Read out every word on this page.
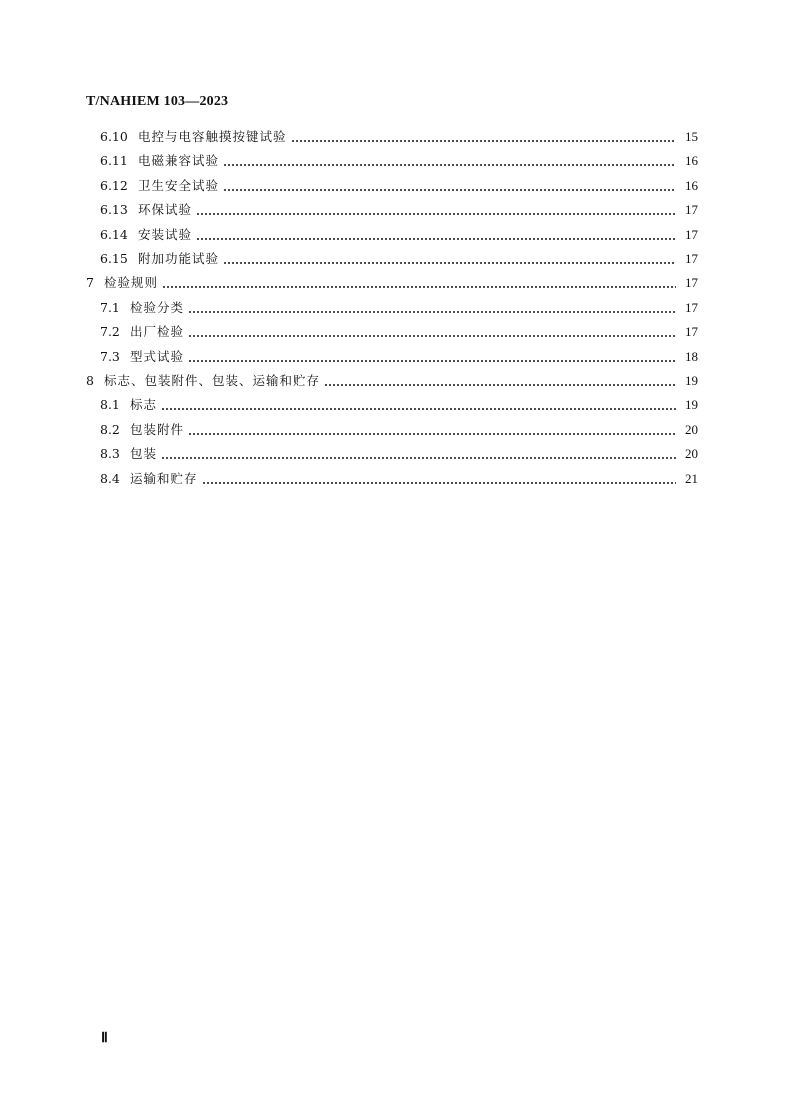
T/NAHIEM 103—2023
6.10 电控与电容触摸按键试验	15
6.11 电磁兼容试验	16
6.12 卫生安全试验	16
6.13 环保试验	17
6.14 安装试验	17
6.15 附加功能试验	17
7 检验规则	17
7.1 检验分类	17
7.2 出厂检验	17
7.3 型式试验	18
8 标志、包装附件、包装、运输和贮存	19
8.1 标志	19
8.2 包装附件	20
8.3 包装	20
8.4 运输和贮存	21
Ⅱ
